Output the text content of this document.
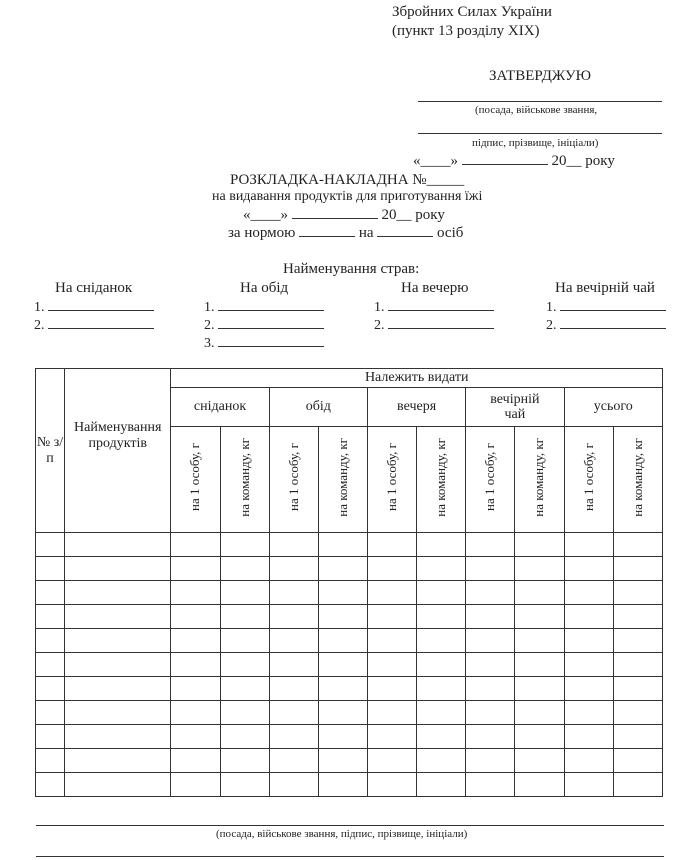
Збройних Силах України
(пункт 13 розділу XIX)
ЗАТВЕРДЖУЮ
(посада, військове звання,
підпис, прізвище, ініціали)
«____»	20__ року
РОЗКЛАДКА-НАКЛАДНА №_____
на видавання продуктів для приготування їжі
«____»	20__ року
за нормою	на	осіб
Найменування страв:
На сніданок
1.
2.
На обід
1.
2.
3.
На вечерю
1.
2.
На вечірній чай
1.
2.
№ з/п	Найменування продуктів	Належить видати									
		сніданок		обід		вечеря		вечірній чай		усього	
		на 1 особу, г	на команду, кг	на 1 особу, г	на команду, кг	на 1 особу, г	на команду, кг	на 1 особу, г	на команду, кг	на 1 особу, г	на команду, кг

(посада, військове звання, підпис, прізвище, ініціали)
